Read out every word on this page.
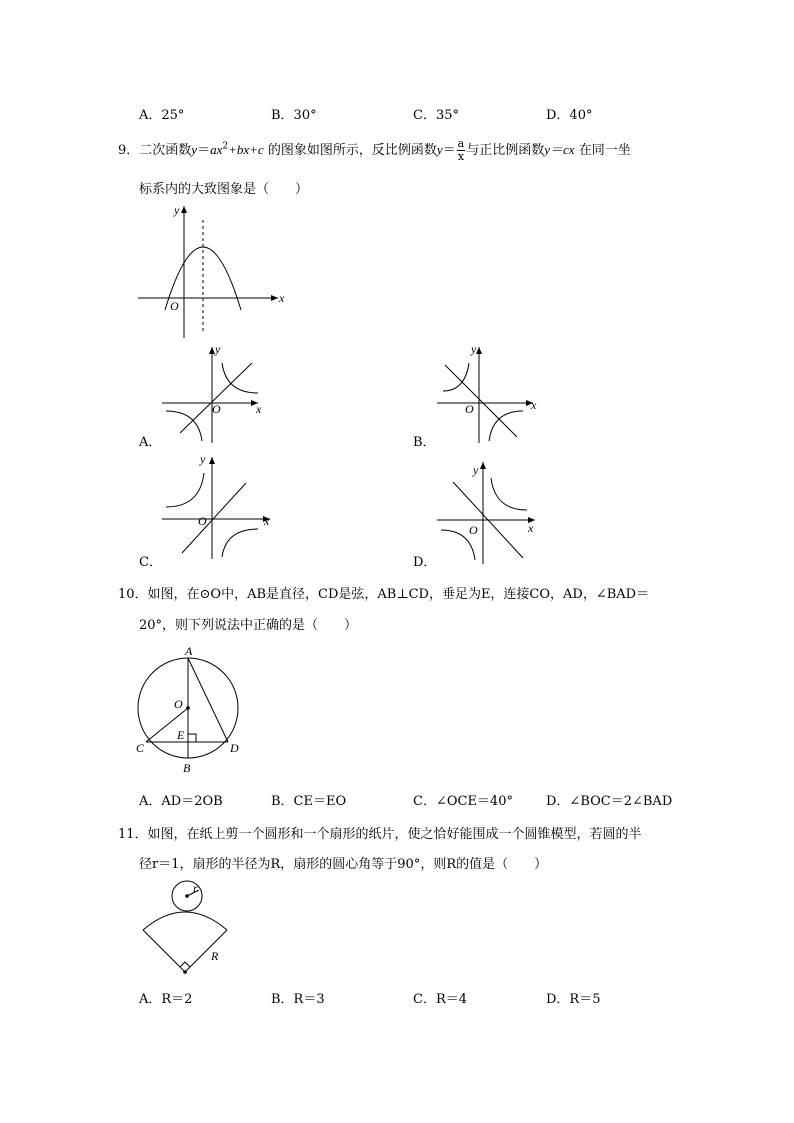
A．25°	B．30°	C．35°	D．40°
9．二次函数$y=ax^2+bx+c$ 的图象如图所示，反比例函数$y= \frac{a}{x}$ 与正比例函数y＝cx 在同一坐
标系内的大致图象是（　　）
y
x
O
y
x
O
A．
y
x
O
B．
y
x
O
C．
y
x
O
D．
10．如图，在⊙O中，AB是直径，CD是弦，AB⊥CD，垂足为E，连接CO，AD，∠BAD＝
20°，则下列说法中正确的是（　　）
A
O
E
C	D
B
A．AD＝2OB	B．CE＝EO	C．∠OCE＝40°	D．∠BOC＝2∠BAD
11．如图，在纸上剪一个圆形和一个扇形的纸片，使之恰好能围成一个圆锥模型，若圆的半
径r＝1，扇形的半径为R，扇形的圆心角等于90°，则R的值是（　　）
r
R
A．R＝2	B．R＝3	C．R＝4	D．R＝5
